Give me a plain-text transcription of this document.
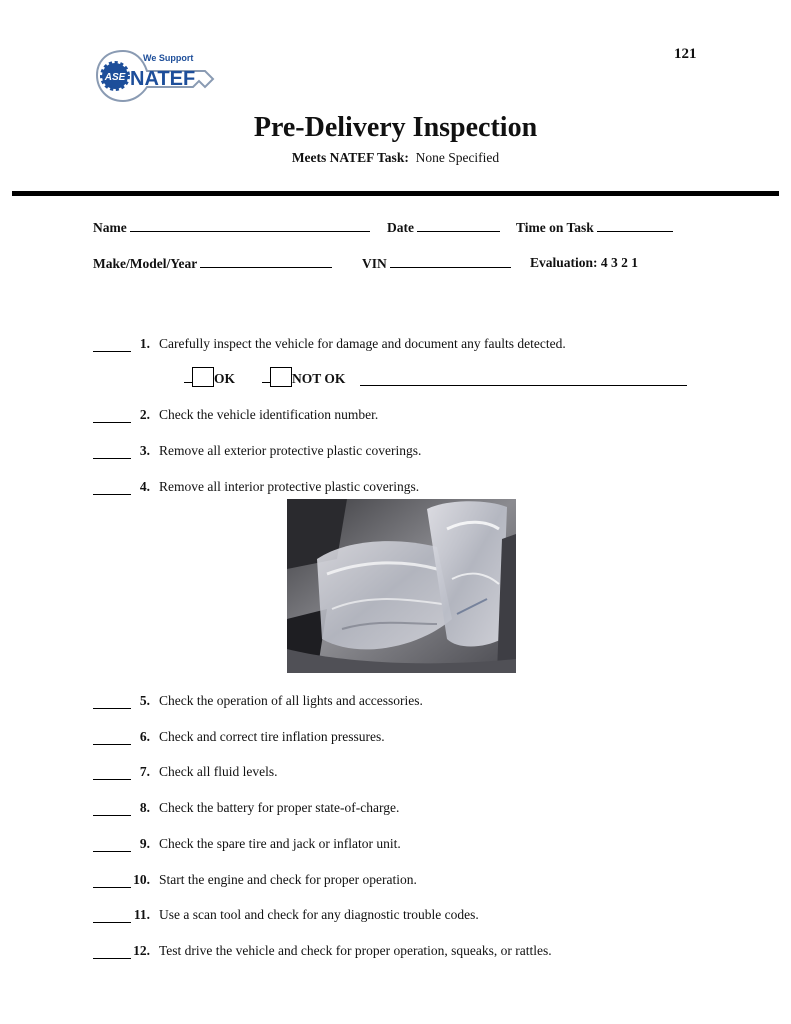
ASE NATEF
We Support	121
Pre-Delivery Inspection
Meets NATEF Task: None Specified
Name	Date	Time on Task
Make/Model/Year	VIN	Evaluation: 4 3 2 1
1. Carefully inspect the vehicle for damage and document any faults detected.
OK	NOT OK
2. Check the vehicle identification number.
3. Remove all exterior protective plastic coverings.
4. Remove all interior protective plastic coverings.
5. Check the operation of all lights and accessories.
6. Check and correct tire inflation pressures.
7. Check all fluid levels.
8. Check the battery for proper state-of-charge.
9. Check the spare tire and jack or inflator unit.
10. Start the engine and check for proper operation.
11. Use a scan tool and check for any diagnostic trouble codes.
12. Test drive the vehicle and check for proper operation, squeaks, or rattles.
